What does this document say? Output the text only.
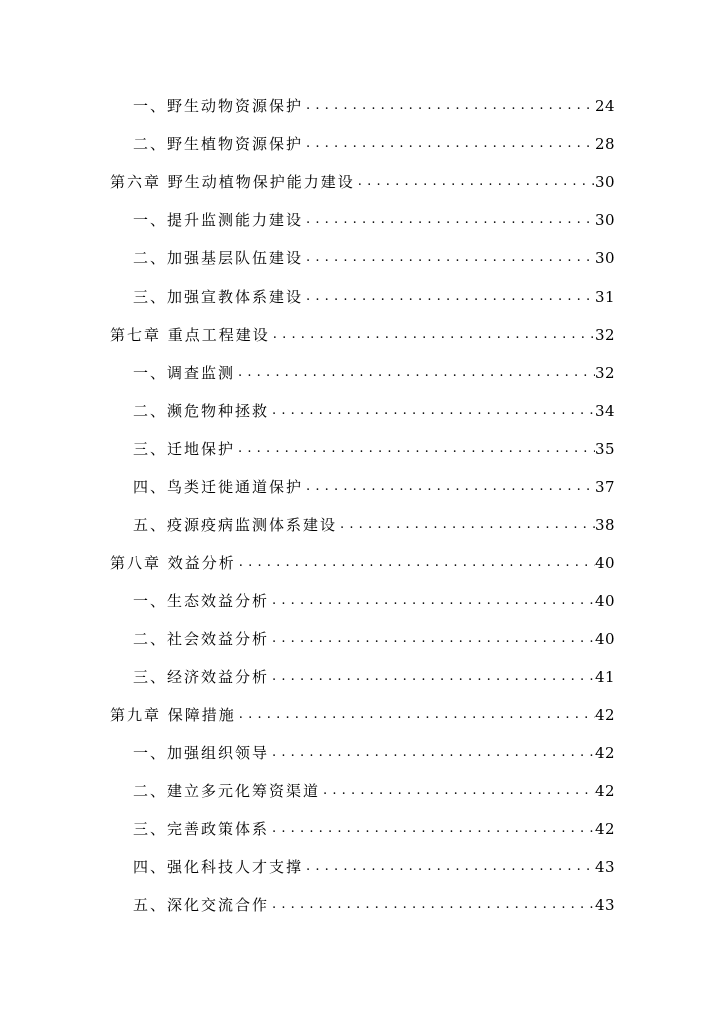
一、野生动物资源保护 .....	24
二、野生植物资源保护 .....	28
第六章 野生动植物保护能力建设 .....	30
一、提升监测能力建设 .....	30
二、加强基层队伍建设 .....	30
三、加强宣教体系建设 .....	31
第七章 重点工程建设 .....	32
一、调查监测 .....	32
二、濒危物种拯救 .....	34
三、迁地保护 .....	35
四、鸟类迁徙通道保护 .....	37
五、疫源疫病监测体系建设 .....	38
第八章 效益分析 .....	40
一、生态效益分析 .....	40
二、社会效益分析 .....	40
三、经济效益分析 .....	41
第九章 保障措施 .....	42
一、加强组织领导 .....	42
二、建立多元化筹资渠道 .....	42
三、完善政策体系 .....	42
四、强化科技人才支撑 .....	43
五、深化交流合作 .....	43
